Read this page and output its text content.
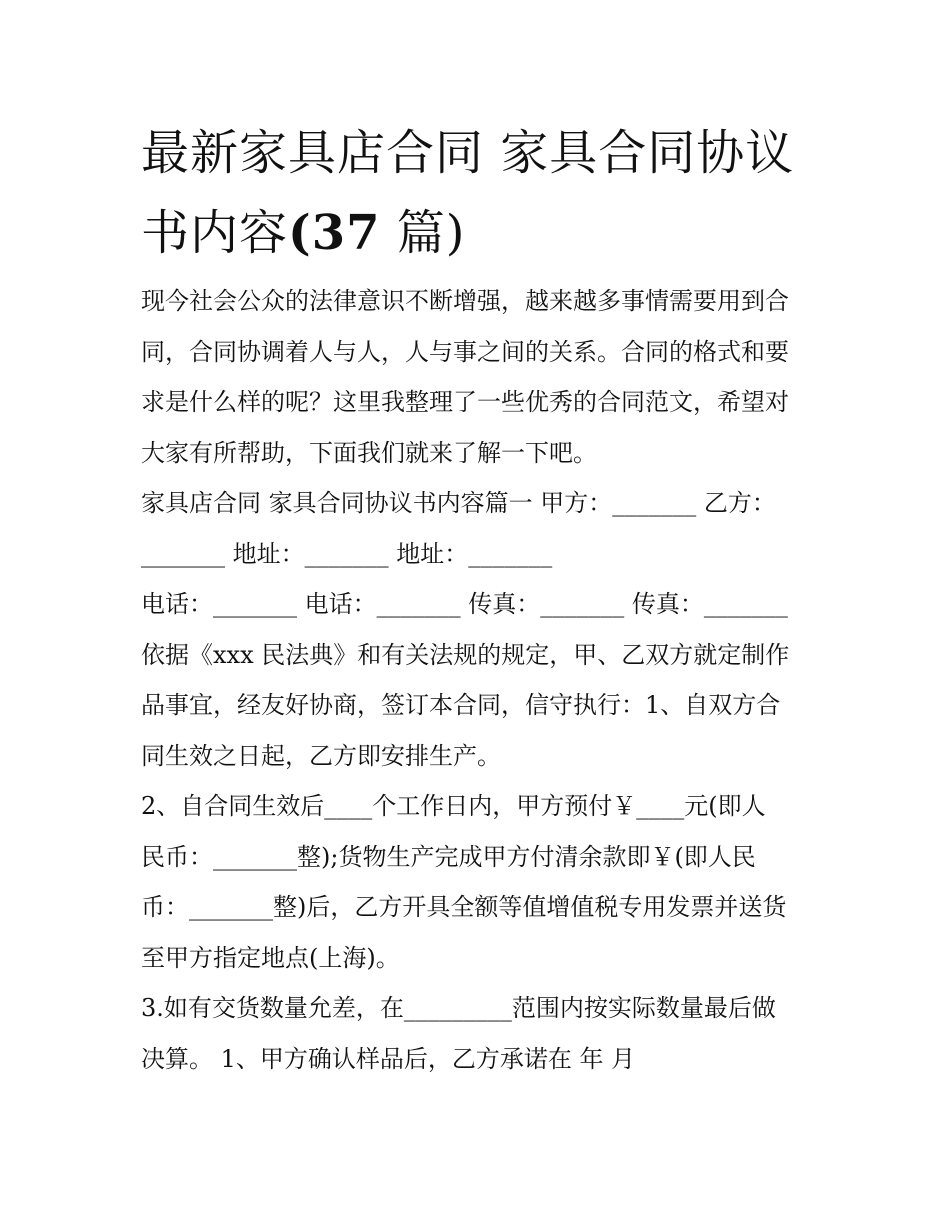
最新家具店合同 家具合同协议
书内容(37 篇)

现今社会公众的法律意识不断增强，越来越多事情需要用到合
同，合同协调着人与人，人与事之间的关系。合同的格式和要
求是什么样的呢？这里我整理了一些优秀的合同范文，希望对
大家有所帮助，下面我们就来了解一下吧。

家具店合同 家具合同协议书内容篇一 甲方：_______ 乙方：
_______ 地址：_______ 地址：_______

电话：_______ 电话：_______ 传真：_______ 传真：_______
依据《xxx 民法典》和有关法规的规定，甲、乙双方就定制作
品事宜，经友好协商，签订本合同，信守执行：1、自双方合
同生效之日起，乙方即安排生产。

2、自合同生效后____个工作日内，甲方预付￥____元(即人
民币：_______整);货物生产完成甲方付清余款即￥(即人民
币：_______整)后，乙方开具全额等值增值税专用发票并送货
至甲方指定地点(上海)。

3.如有交货数量允差，在_________范围内按实际数量最后做
决算。 1、甲方确认样品后，乙方承诺在 年 月
